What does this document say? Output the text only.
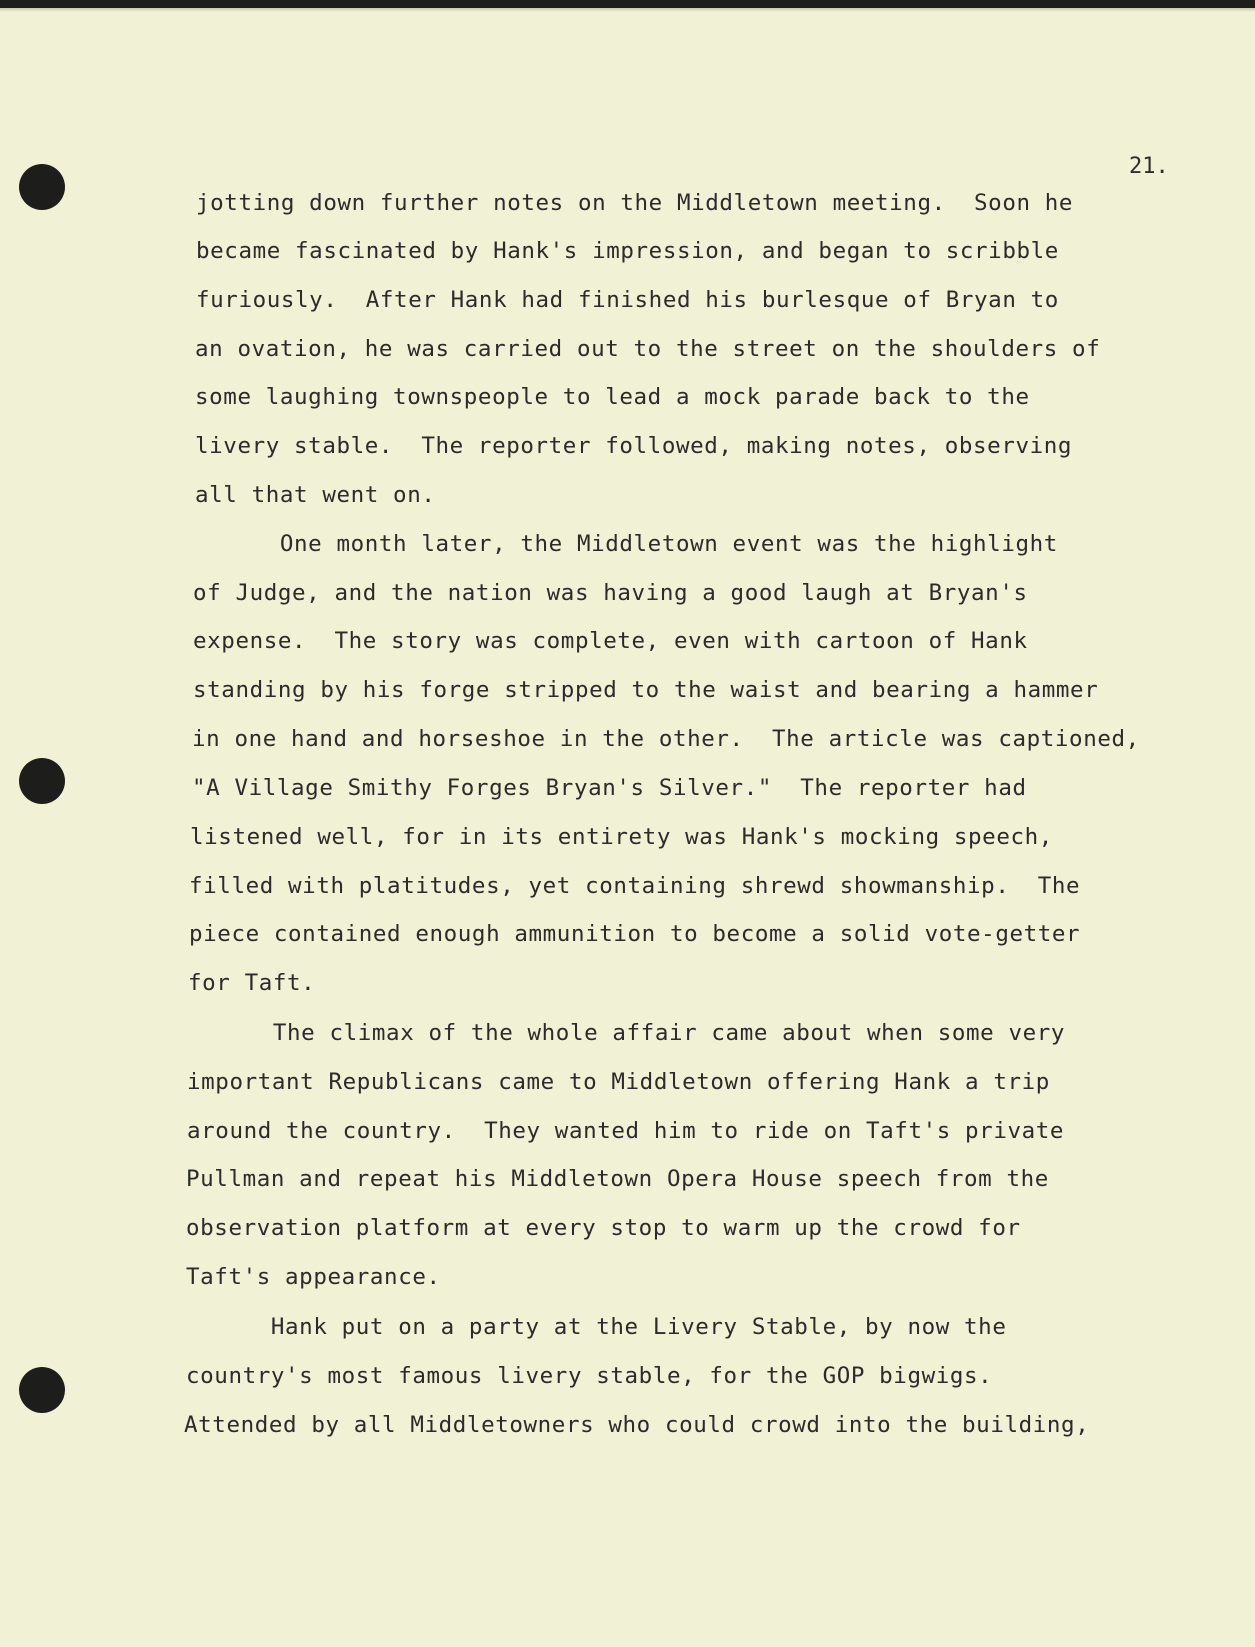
21.
jotting down further notes on the Middletown meeting.  Soon he
became fascinated by Hank's impression, and began to scribble
furiously.  After Hank had finished his burlesque of Bryan to
an ovation, he was carried out to the street on the shoulders of
some laughing townspeople to lead a mock parade back to the
livery stable.  The reporter followed, making notes, observing
all that went on.
One month later, the Middletown event was the highlight
of Judge, and the nation was having a good laugh at Bryan's
expense.  The story was complete, even with cartoon of Hank
standing by his forge stripped to the waist and bearing a hammer
in one hand and horseshoe in the other.  The article was captioned,
"A Village Smithy Forges Bryan's Silver."  The reporter had
listened well, for in its entirety was Hank's mocking speech,
filled with platitudes, yet containing shrewd showmanship.  The
piece contained enough ammunition to become a solid vote-getter
for Taft.
The climax of the whole affair came about when some very
important Republicans came to Middletown offering Hank a trip
around the country.  They wanted him to ride on Taft's private
Pullman and repeat his Middletown Opera House speech from the
observation platform at every stop to warm up the crowd for
Taft's appearance.
Hank put on a party at the Livery Stable, by now the
country's most famous livery stable, for the GOP bigwigs.
Attended by all Middletowners who could crowd into the building,
